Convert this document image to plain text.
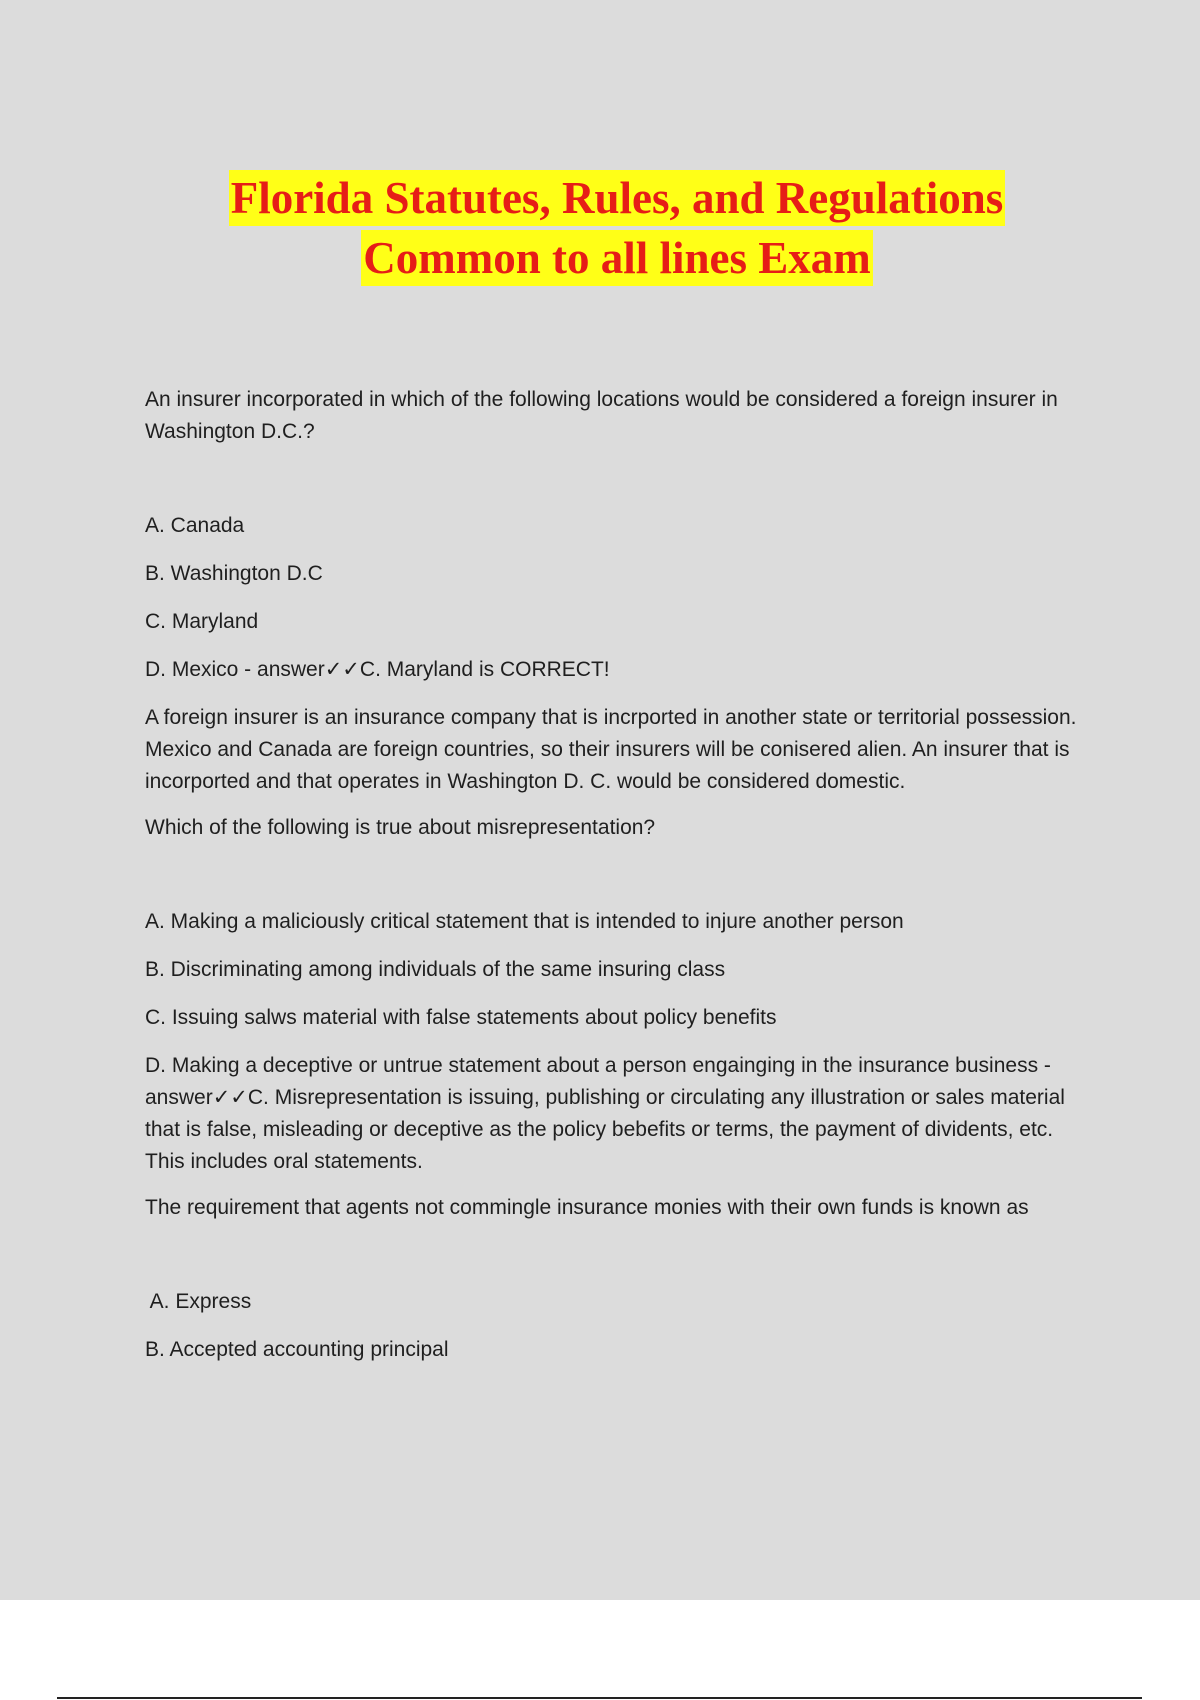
Florida Statutes, Rules, and Regulations
Common to all lines Exam

An insurer incorporated in which of the following locations would be considered a foreign insurer in Washington D.C.?

A. Canada

B. Washington D.C

C. Maryland

D. Mexico - answer✓✓C. Maryland is CORRECT!

A foreign insurer is an insurance company that is incrported in another state or territorial possession. Mexico and Canada are foreign countries, so their insurers will be conisered alien. An insurer that is incorported and that operates in Washington D. C. would be considered domestic.

Which of the following is true about misrepresentation?

A. Making a maliciously critical statement that is intended to injure another person

B. Discriminating among individuals of the same insuring class

C. Issuing salws material with false statements about policy benefits

D. Making a deceptive or untrue statement about a person engainging in the insurance business - answer✓✓C. Misrepresentation is issuing, publishing or circulating any illustration or sales material that is false, misleading or deceptive as the policy bebefits or terms, the payment of dividents, etc. This includes oral statements.

The requirement that agents not commingle insurance monies with their own funds is known as

A. Express

B. Accepted accounting principal
